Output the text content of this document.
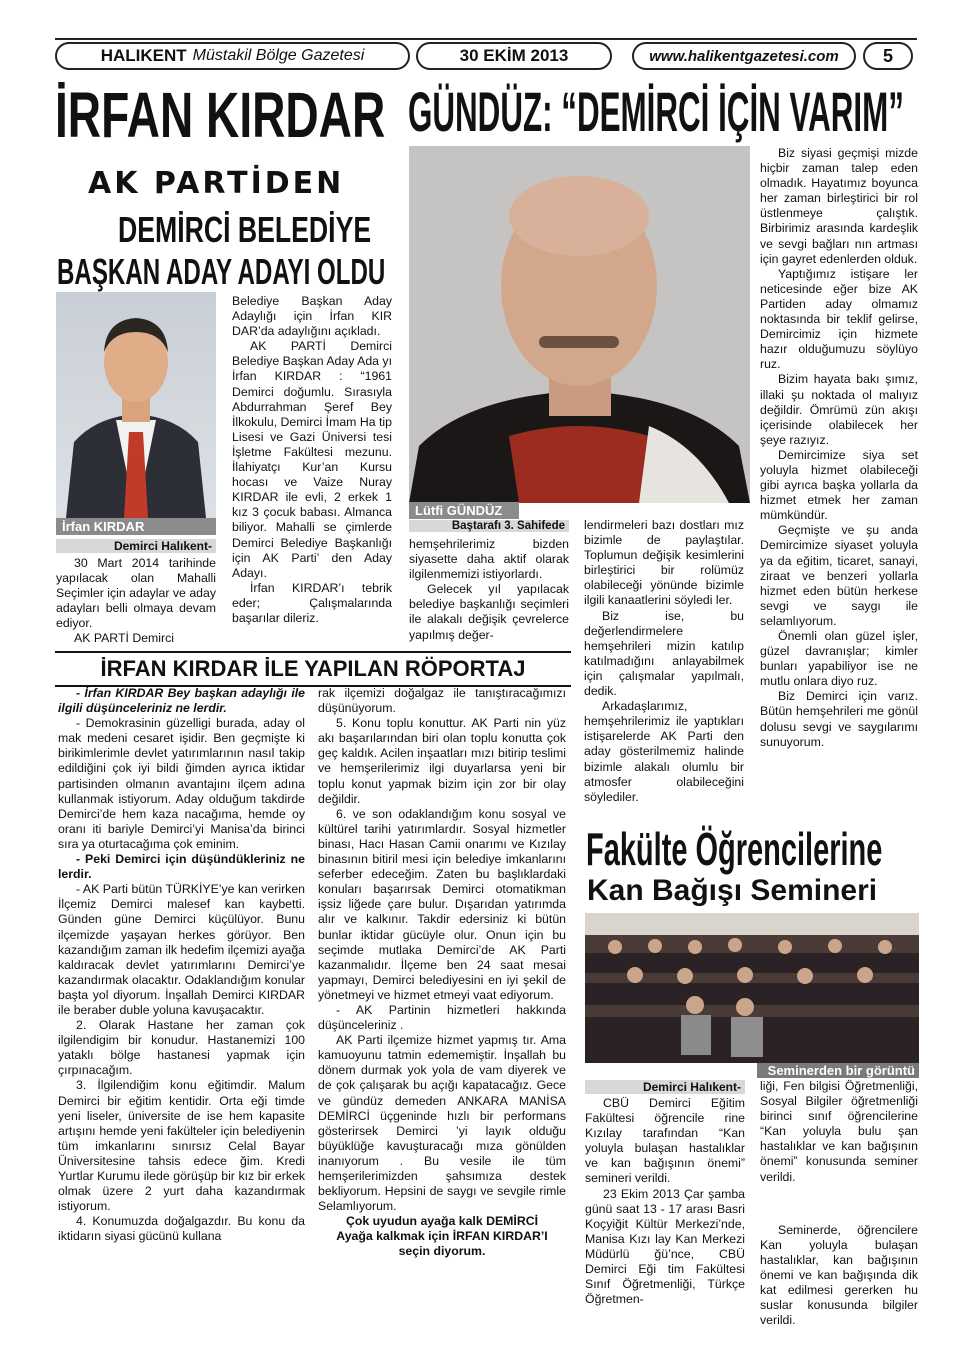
HALIKENT Müstakil Bölge Gazetesi	30 EKİM 2013	www.halikentgazetesi.com 5
İRFAN KIRDAR
AK PARTİDEN
DEMİRCİ BELEDİYE
BAŞKAN ADAY ADAYI OLDU
İrfan KIRDAR
Demirci Halıkent-

30 Mart 2014 tarihinde yapılacak olan Mahalli Seçimler için adaylar ve aday adayları belli olmaya devam ediyor.

AK PARTİ Demirci

Belediye Başkan Aday Adaylığı için İrfan KIR DAR’da adaylığını açıkladı.

AK PARTİ Demirci Belediye Başkan Aday Ada yı İrfan KIRDAR : “1961 Demirci doğumlu. Sırasıyla Abdurrahman Şeref Bey İlkokulu, Demirci İmam Ha tip Lisesi ve Gazi Üniversi tesi İşletme Fakültesi mezunu. İlahiyatçı Kur’an Kursu hocası ve Vaize Nuray KIRDAR ile evli, 2 erkek 1 kız 3 çocuk babası. Almanca biliyor. Mahalli se çimlerde Demirci Belediye Başkanlığı için AK Parti’ den Aday Adayı.

İrfan KIRDAR’ı tebrik eder; Çalışmalarında başarılar dileriz.

GÜNDÜZ: “DEMİRCİ İÇİN VARIM”
Lütfi GÜNDÜZ
Baştarafı 3. Sahifede

hemşehrilerimiz bizden siyasette daha aktif olarak ilgilenmemizi istiyorlardı.

Gelecek yıl yapılacak belediye başkanlığı seçimleri ile alakalı değişik çevrelerce yapılmış değer-

lendirmeleri bazı dostları mız bizimle de paylaştılar. Toplumun değişik kesimlerini birleştirici bir rolümüz olabileceği yönünde bizimle ilgili kanaatlerini söyledi ler.

Biz ise, bu değerlendirmelere hemşehrileri mizin katılıp katılmadığını anlayabilmek için çalışmalar yapılmalı, dedik.

Arkadaşlarımız, hemşehrilerimiz ile yaptıkları istişarelerde AK Parti den aday gösterilmemiz halinde bizimle alakalı olumlu bir atmosfer olabileceğini söylediler.

Biz siyasi geçmişi mizde hiçbir zaman talep eden olmadık. Hayatımız boyunca her zaman birleştirici bir rol üstlenmeye çalıştık. Birbirimiz arasında kardeşlik ve sevgi bağları nın artması için gayret edenlerden olduk.

Yaptığımız istişare ler neticesinde eğer bize AK Partiden aday olmamız noktasında bir teklif gelirse, Demircimiz için hizmete hazır olduğumuzu söylüyo ruz.

Bizim hayata bakı şımız, illaki şu noktada ol malıyız değildir. Ömrümü zün akışı içerisinde olabilecek her şeye razıyız.

Demircimize siya set yoluyla hizmet olabileceği gibi ayrıca başka yollarla da hizmet etmek her zaman mümkündür.

Geçmişte ve şu anda Demircimize siyaset yoluyla ya da eğitim, ticaret, sanayi, ziraat ve benzeri yollarla hizmet eden bütün herkese sevgi ve saygı ile selamlıyorum.

Önemli olan güzel işler, güzel davranışlar; kimler bunları yapabiliyor ise ne mutlu onlara diyo ruz.

Biz Demirci için varız. Bütün hemşehrileri me gönül dolusu sevgi ve saygılarımı sunuyorum.

İRFAN KIRDAR İLE YAPILAN RÖPORTAJ

- İrfan KIRDAR Bey başkan adaylığı ile ilgili düşünceleriniz ne lerdir.

- Demokrasinin güzelligi burada, aday ol mak medeni cesaret işidir. Ben geçmişte ki birikimlerimle devlet yatırımlarının nasıl takip edildiğini çok iyi bildi ğimden ayrıca iktidar partisinden olmanın avantajını ilçem adına kullanmak istiyorum. Aday olduğum takdirde Demirci’de hem kaza nacağıma, hemde oy oranı iti bariyle Demirci’yi Manisa’da birinci sıra ya oturtacağıma çok eminim.

- Peki Demirci için düşündükleriniz ne lerdir.

- AK Parti bütün TÜRKİYE’ye kan verirken İlçemiz Demirci malesef kan kaybetti. Günden güne Demirci küçülüyor. Bunu ilçemizde yaşayan herkes görüyor. Ben kazandığım zaman ilk hedefim ilçemizi ayağa kaldıracak devlet yatırımlarını Demirci’ye kazandırmak olacaktır. Odaklandığım konular başta yol diyorum. İnşallah Demirci KIRDAR ile beraber duble yoluna kavuşacaktır.

2. Olarak Hastane her zaman çok ilgilendigim bir konudur. Hastanemizi 100 yataklı bölge hastanesi yapmak için çırpınacağım.

3. İlgilendiğim konu eğitimdir. Malum Demirci bir eğitim kentidir. Orta eği timde yeni liseler, üniversite de ise hem kapasite artışını hemde yeni fakülteler için belediyenin tüm imkanlarını sınırsız Celal Bayar Üniversitesine tahsis edece ğim. Kredi Yurtlar Kurumu ilede görüşüp bir kız bir erkek olmak üzere 2 yurt daha kazandırmak istiyorum.

4. Konumuzda doğalgazdır. Bu konu da iktidarın siyasi gücünü kullana

rak ilçemizi doğalgaz ile tanıştıracağımızı düşünüyorum.

5. Konu toplu konuttur. AK Parti nin yüz akı başarılarından biri olan toplu konutta çok geç kaldık. Acilen inşaatları mızı bitirip teslimi ve hemşerilerimiz ilgi duyarlarsa yeni bir toplu konut yapmak bizim için zor bir olay değildir.

6. ve son odaklandığım konu sosyal ve kültürel tarihi yatırımlardır. Sosyal hizmetler binası, Hacı Hasan Camii onarımı ve Kızılay binasının bitiril mesi için belediye imkanlarını seferber edeceğim. Zaten bu başlıklardaki konuları başarırsak Demirci otomatikman işsiz liğede çare bulur. Dışarıdan yatırımda alır ve kalkınır. Takdir edersiniz ki bütün bunlar iktidar gücüyle olur. Onun için bu seçimde mutlaka Demirci’de AK Parti kazanmalıdır. İlçeme ben 24 saat mesai yapmayı, Demirci belediyesini en iyi şekil de yönetmeyi ve hizmet etmeyi vaat ediyorum.

- AK Partinin hizmetleri hakkında düşünceleriniz .

AK Parti ilçemize hizmet yapmış tır. Ama kamuoyunu tatmin edememiştir. İnşallah bu dönem durmak yok yola de vam diyerek ve de çok çalışarak bu açığı kapatacağız. Gece ve gündüz demeden ANKARA MANİSA DEMİRCİ üçgeninde hızlı bir performans gösterirsek Demirci ’yi layık olduğu büyüklüğe kavuşturacağı mıza gönülden inanıyorum . Bu vesile ile tüm hemşerilerimizden şahsımıza destek bekliyorum. Hepsini de saygı ve sevgile rimle Selamlıyorum.

Çok uyudun ayağa kalk DEMİRCİ

Ayağa kalkmak için İRFAN KIRDAR’I

seçin diyorum.

Fakülte Öğrencilerine
Kan Bağışı Semineri
Seminerden bir görüntü
Demirci Halıkent-

CBÜ Demirci Eğitim Fakültesi öğrencile rine Kızılay tarafından “Kan yoluyla bulaşan hastalıklar ve kan bağışının önemi” semineri verildi.

23 Ekim 2013 Çar şamba günü saat 13 - 17 arası Basri Koçyiğit Kültür Merkezi’nde, Manisa Kızı lay Kan Merkezi Müdürlü ğü’nce, CBÜ Demirci Eği tim Fakültesi Sınıf Öğretmenliği, Türkçe Öğretmen-

liği, Fen bilgisi Öğretmenliği, Sosyal Bilgiler öğretmenliği birinci sınıf öğrencilerine “Kan yoluyla bulu şan hastalıklar ve kan bağışının önemi” konusunda seminer verildi.

Seminerde, öğrencilere Kan yoluyla bulaşan hastalıklar, kan bağışının önemi ve kan bağışında dik kat edilmesi gererken hu suslar konusunda bilgiler verildi.
